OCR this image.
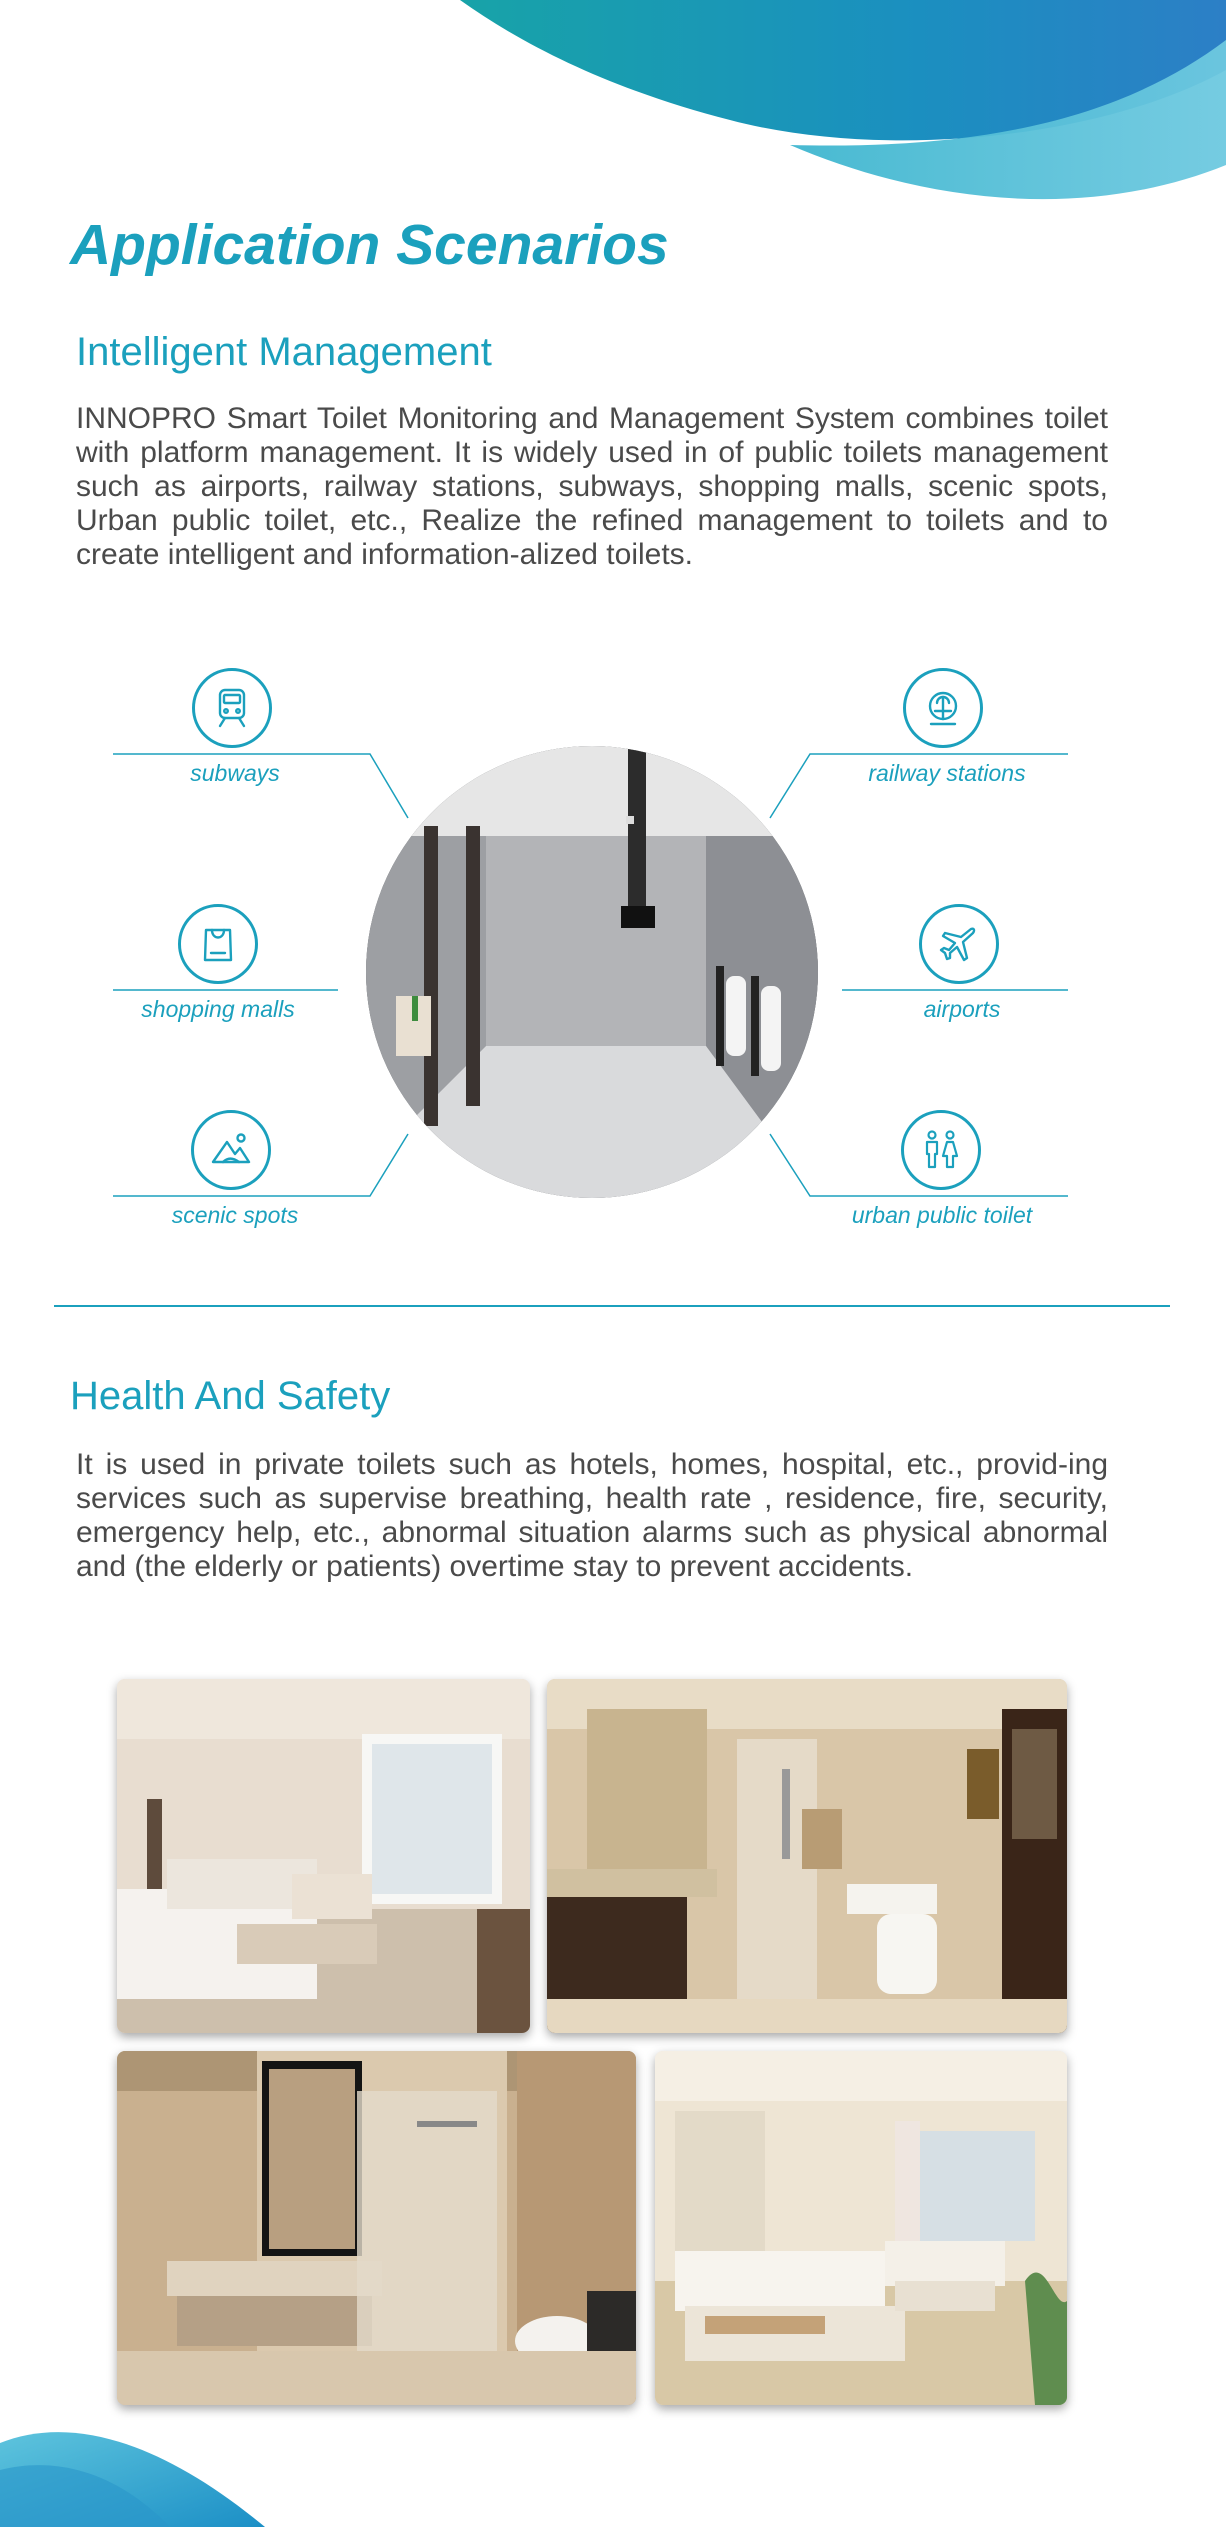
Application Scenarios
Intelligent Management

INNOPRO Smart Toilet Monitoring and Management System combines toilet with platform management. It is widely used in of public toilets management such as airports, railway stations, subways, shopping malls, scenic spots, Urban public toilet, etc., Realize the refined management to toilets and to create intelligent and information-alized toilets.

subways	railway stations
shopping malls	airports
scenic spots	urban public toilet
Health And Safety

It is used in private toilets such as hotels, homes, hospital, etc., provid-ing services such as supervise breathing, health rate , residence, fire, security, emergency help, etc., abnormal situation alarms such as physical abnormal and (the elderly or patients) overtime stay to prevent accidents.
